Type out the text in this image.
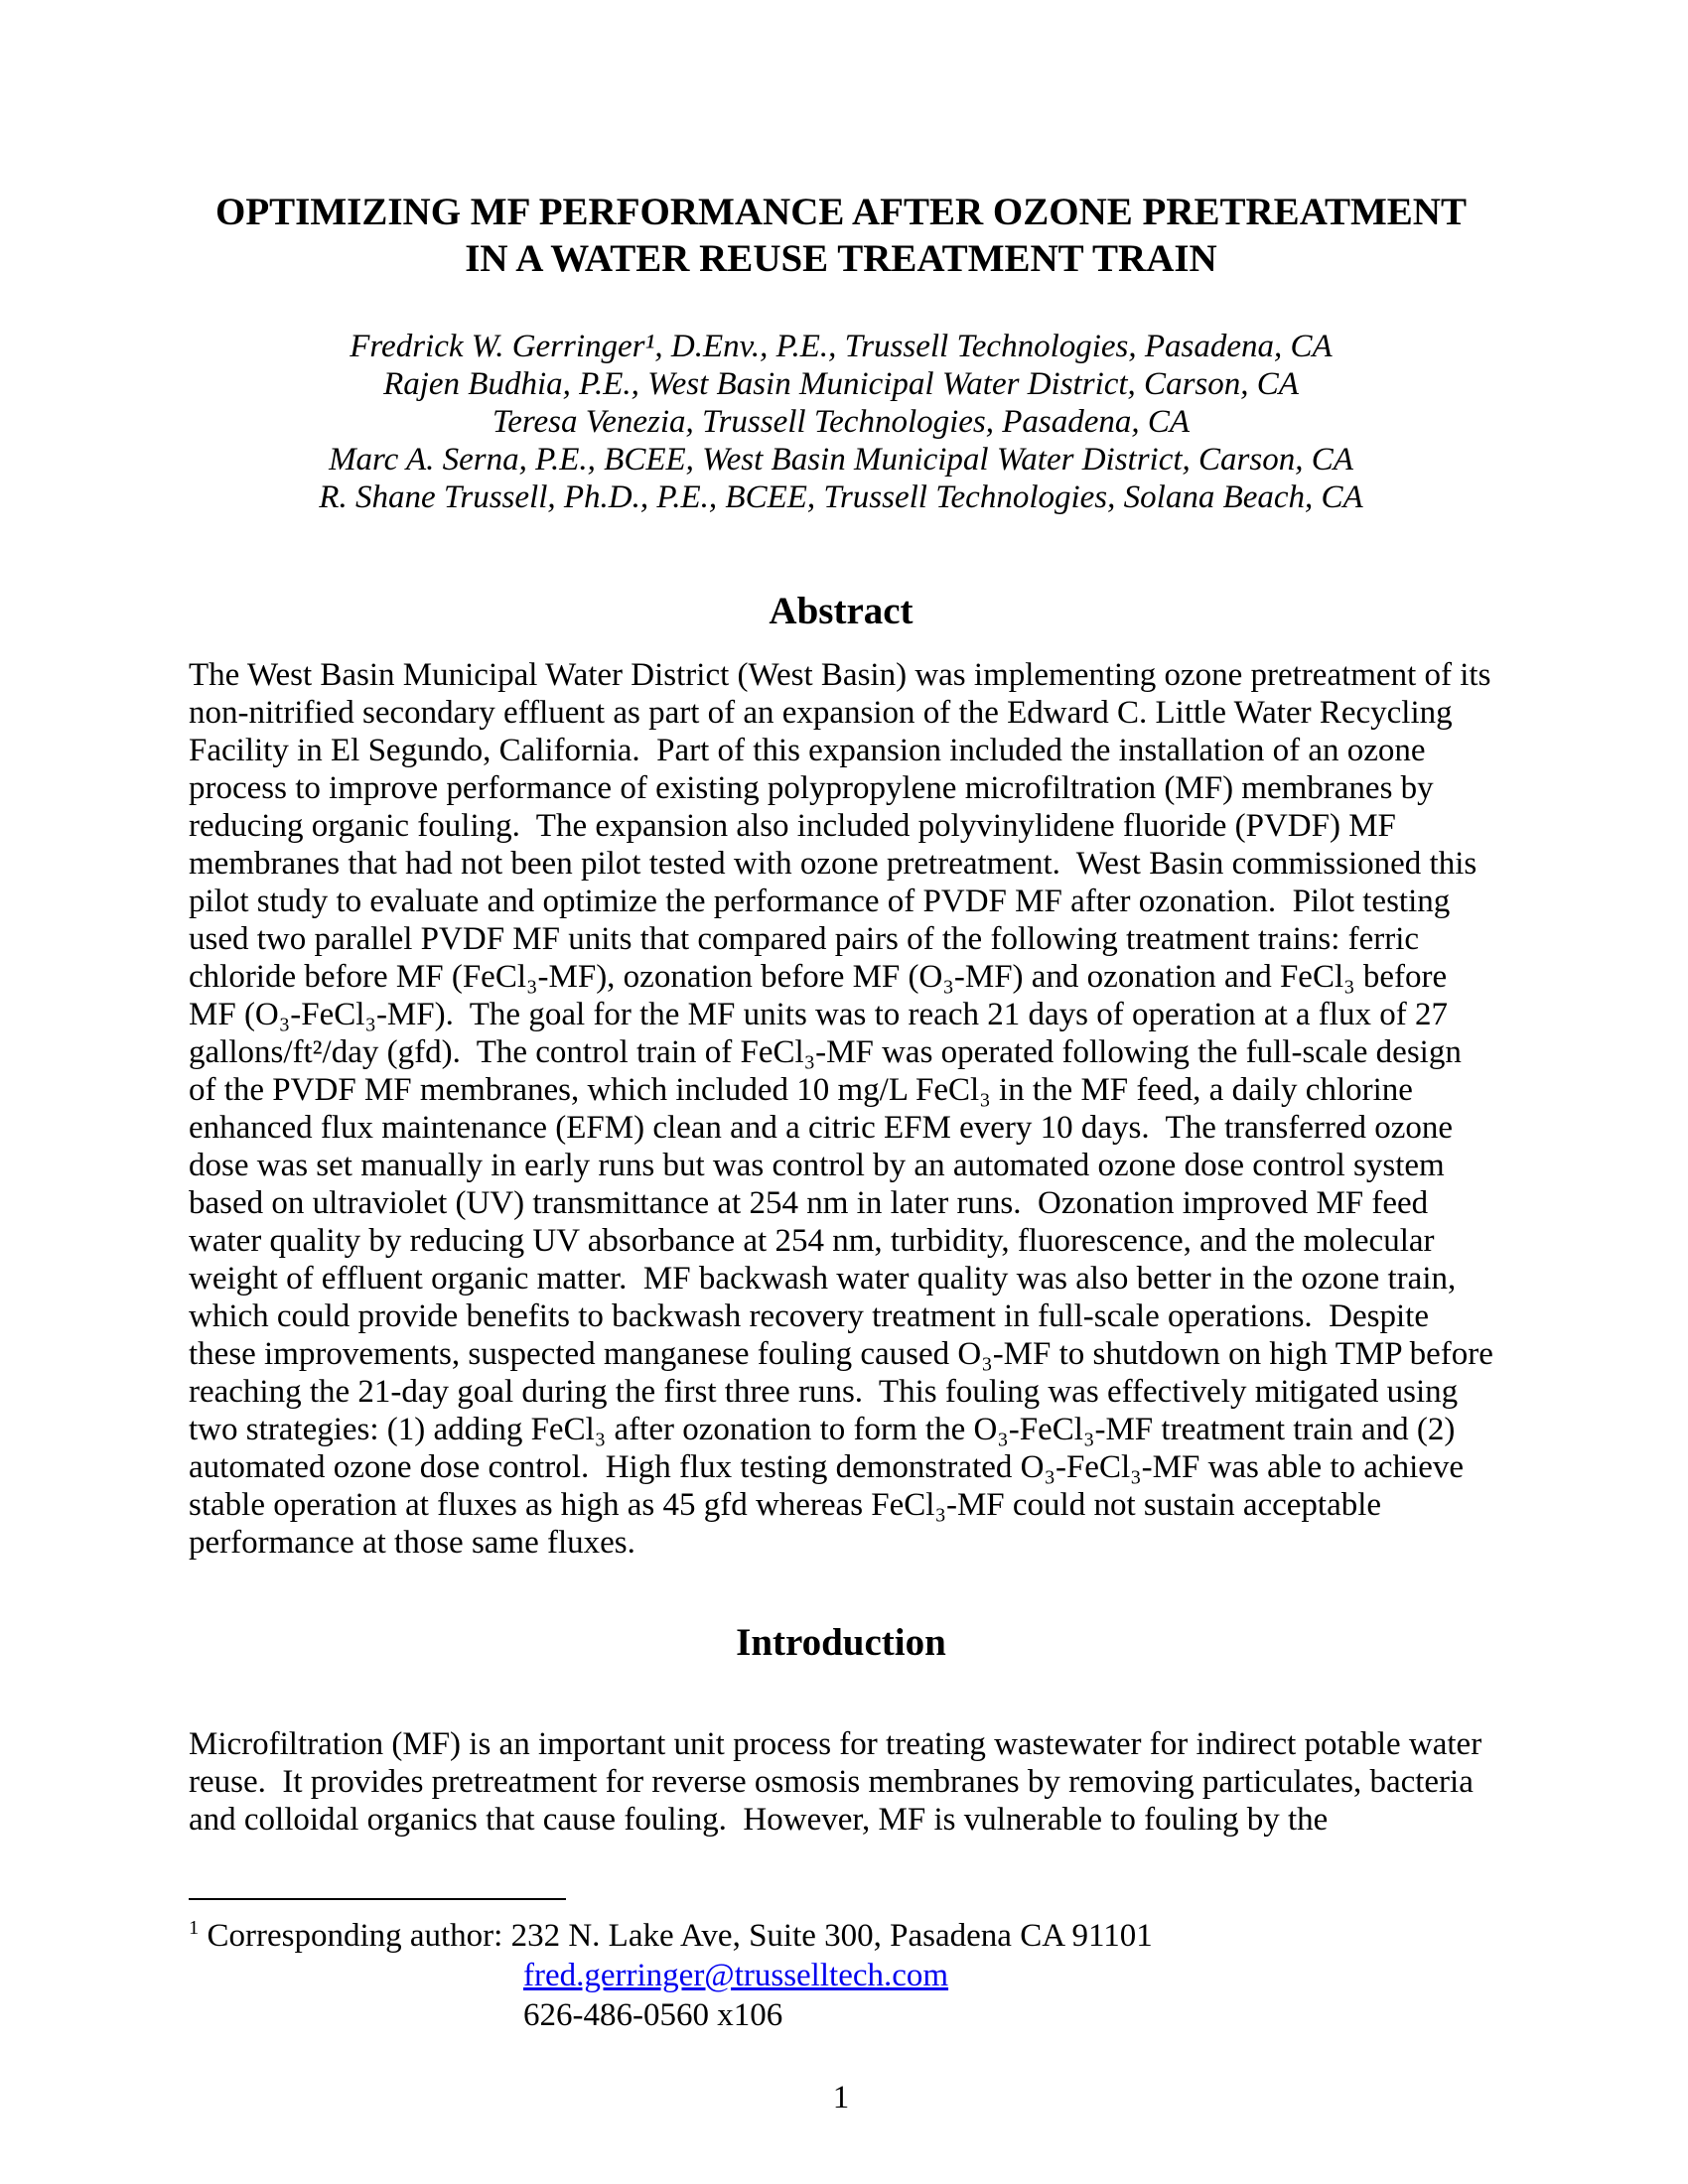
OPTIMIZING MF PERFORMANCE AFTER OZONE PRETREATMENT
IN A WATER REUSE TREATMENT TRAIN
Fredrick W. Gerringer¹, D.Env., P.E., Trussell Technologies, Pasadena, CA
Rajen Budhia, P.E., West Basin Municipal Water District, Carson, CA
Teresa Venezia, Trussell Technologies, Pasadena, CA
Marc A. Serna, P.E., BCEE, West Basin Municipal Water District, Carson, CA
R. Shane Trussell, Ph.D., P.E., BCEE, Trussell Technologies, Solana Beach, CA
Abstract
The West Basin Municipal Water District (West Basin) was implementing ozone pretreatment of its non-nitrified secondary effluent as part of an expansion of the Edward C. Little Water Recycling Facility in El Segundo, California.  Part of this expansion included the installation of an ozone process to improve performance of existing polypropylene microfiltration (MF) membranes by reducing organic fouling.  The expansion also included polyvinylidene fluoride (PVDF) MF membranes that had not been pilot tested with ozone pretreatment.  West Basin commissioned this pilot study to evaluate and optimize the performance of PVDF MF after ozonation.  Pilot testing used two parallel PVDF MF units that compared pairs of the following treatment trains: ferric chloride before MF (FeCl₃-MF), ozonation before MF (O₃-MF) and ozonation and FeCl₃ before MF (O₃-FeCl₃-MF).  The goal for the MF units was to reach 21 days of operation at a flux of 27 gallons/ft²/day (gfd).  The control train of FeCl₃-MF was operated following the full-scale design of the PVDF MF membranes, which included 10 mg/L FeCl₃ in the MF feed, a daily chlorine enhanced flux maintenance (EFM) clean and a citric EFM every 10 days.  The transferred ozone dose was set manually in early runs but was control by an automated ozone dose control system based on ultraviolet (UV) transmittance at 254 nm in later runs.  Ozonation improved MF feed water quality by reducing UV absorbance at 254 nm, turbidity, fluorescence, and the molecular weight of effluent organic matter.  MF backwash water quality was also better in the ozone train, which could provide benefits to backwash recovery treatment in full-scale operations.  Despite these improvements, suspected manganese fouling caused O₃-MF to shutdown on high TMP before reaching the 21-day goal during the first three runs.  This fouling was effectively mitigated using two strategies: (1) adding FeCl₃ after ozonation to form the O₃-FeCl₃-MF treatment train and (2) automated ozone dose control.  High flux testing demonstrated O₃-FeCl₃-MF was able to achieve stable operation at fluxes as high as 45 gfd whereas FeCl₃-MF could not sustain acceptable performance at those same fluxes.
Introduction
Microfiltration (MF) is an important unit process for treating wastewater for indirect potable water reuse.  It provides pretreatment for reverse osmosis membranes by removing particulates, bacteria and colloidal organics that cause fouling.  However, MF is vulnerable to fouling by the
$^1$ Corresponding author: 232 N. Lake Ave, Suite 300, Pasadena CA 91101
fred.gerringer@trusselltech.com
626-486-0560 x106
1
